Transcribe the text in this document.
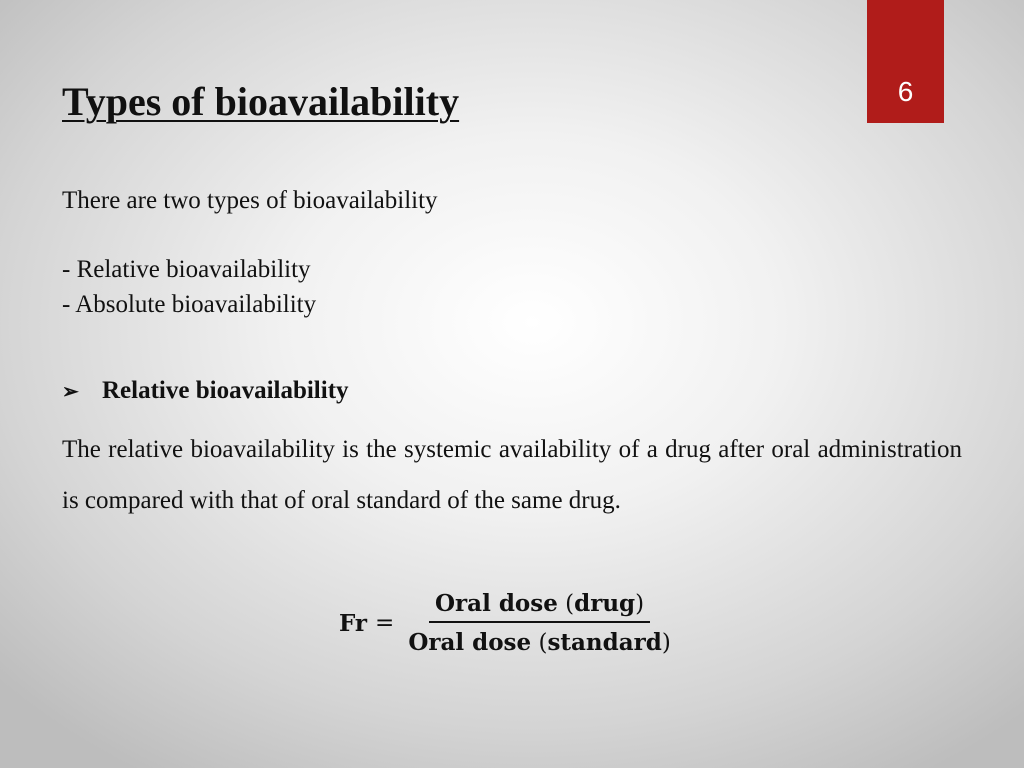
6

Types of bioavailability

There are two types of bioavailability

- Relative bioavailability
- Absolute bioavailability
➢ Relative bioavailability

The relative bioavailability is the systemic availability of a drug after oral administration is compared with that of oral standard of the same drug.

$Fr = \frac{\text{Oral dose (drug)}}{\text{Oral dose (standard)}}$
